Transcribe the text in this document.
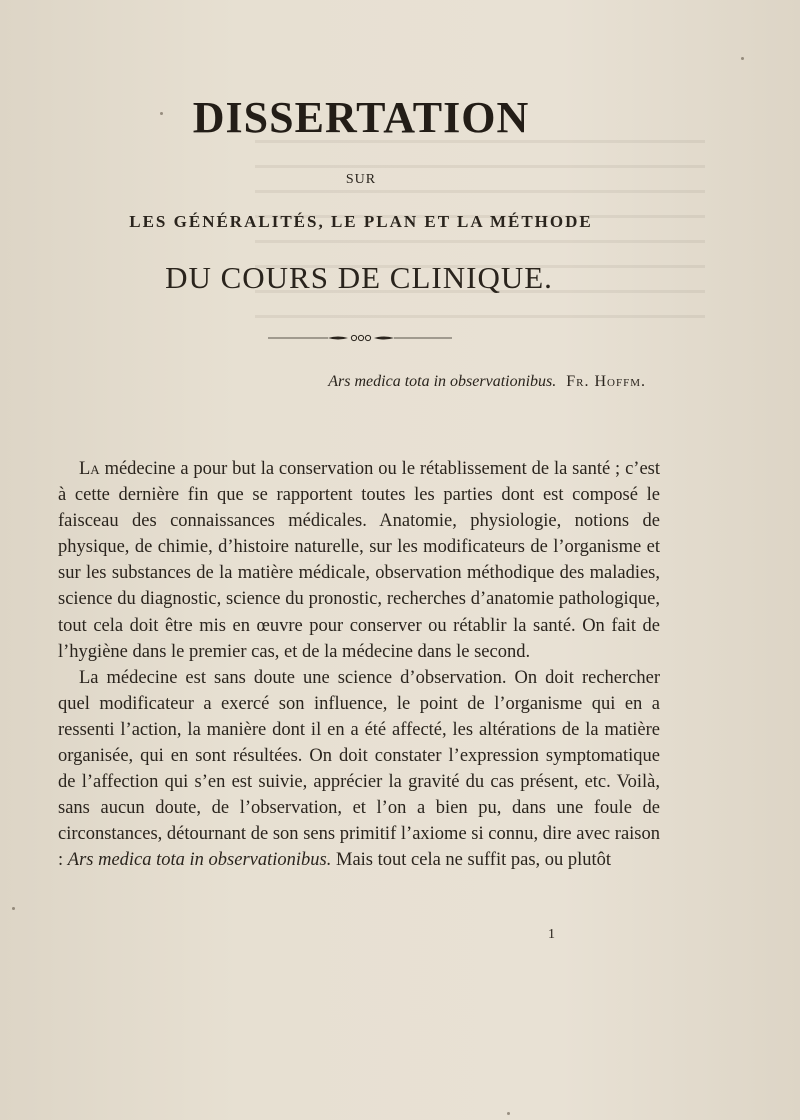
DISSERTATION
SUR
LES GÉNÉRALITÉS, LE PLAN ET LA MÉTHODE
DU COURS DE CLINIQUE.
Ars medica tota in observationibus. Fr. Hoffm.

La médecine a pour but la conservation ou le rétablissement de la santé ; c’est à cette dernière fin que se rapportent toutes les parties dont est composé le faisceau des connaissances médicales. Anatomie, physiologie, notions de physique, de chimie, d’histoire naturelle, sur les modificateurs de l’organisme et sur les substances de la matière médicale, observation méthodique des maladies, science du diagnostic, science du pronostic, recherches d’anatomie pathologique, tout cela doit être mis en œuvre pour conserver ou rétablir la santé. On fait de l’hygiène dans le premier cas, et de la médecine dans le second.

La médecine est sans doute une science d’observation. On doit rechercher quel modificateur a exercé son influence, le point de l’organisme qui en a ressenti l’action, la manière dont il en a été affecté, les altérations de la matière organisée, qui en sont résultées. On doit constater l’expression symptomatique de l’affection qui s’en est suivie, apprécier la gravité du cas présent, etc. Voilà, sans aucun doute, de l’observation, et l’on a bien pu, dans une foule de circonstances, détournant de son sens primitif l’axiome si connu, dire avec raison : Ars medica tota in observationibus. Mais tout cela ne suffit pas, ou plutôt

1
